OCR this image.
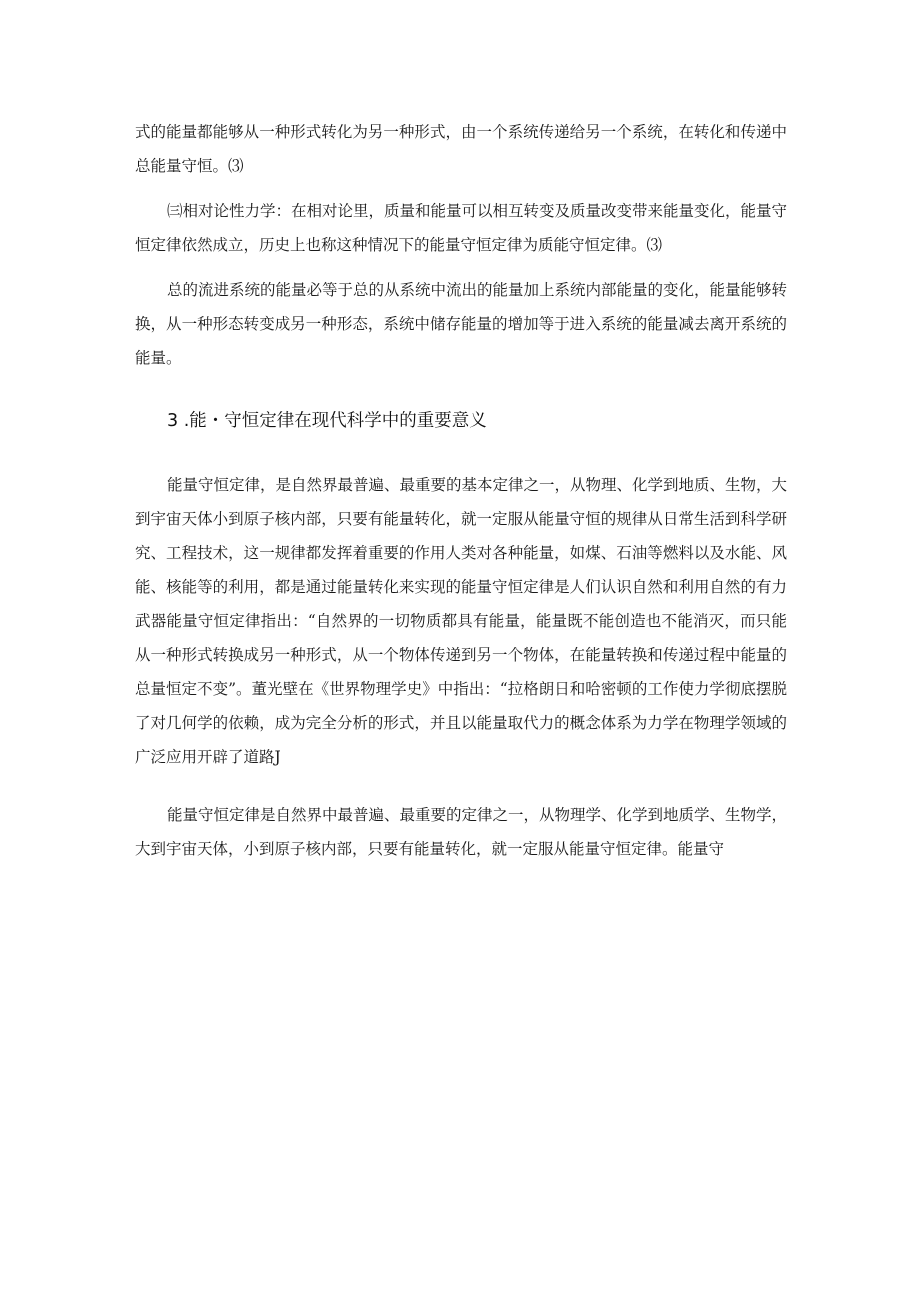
式的能量都能够从一种形式转化为另一种形式，由一个系统传递给另一个系统，在转化和传递中总能量守恒。⑶

㈢相对论性力学：在相对论里，质量和能量可以相互转变及质量改变带来能量变化，能量守恒定律依然成立，历史上也称这种情况下的能量守恒定律为质能守恒定律。⑶

总的流进系统的能量必等于总的从系统中流出的能量加上系统内部能量的变化，能量能够转换，从一种形态转变成另一种形态，系统中储存能量的增加等于进入系统的能量减去离开系统的能量。

3 .能・守恒定律在现代科学中的重要意义

能量守恒定律，是自然界最普遍、最重要的基本定律之一，从物理、化学到地质、生物，大到宇宙天体小到原子核内部，只要有能量转化，就一定服从能量守恒的规律从日常生活到科学研究、工程技术，这一规律都发挥着重要的作用人类对各种能量，如煤、石油等燃料以及水能、风能、核能等的利用，都是通过能量转化来实现的能量守恒定律是人们认识自然和利用自然的有力武器能量守恒定律指出：“自然界的一切物质都具有能量，能量既不能创造也不能消灭，而只能从一种形式转换成另一种形式，从一个物体传递到另一个物体，在能量转换和传递过程中能量的总量恒定不变”。董光壁在《世界物理学史》中指出：“拉格朗日和哈密顿的工作使力学彻底摆脱了对几何学的依赖，成为完全分析的形式，并且以能量取代力的概念体系为力学在物理学领域的广泛应用开辟了道路J

能量守恒定律是自然界中最普遍、最重要的定律之一，从物理学、化学到地质学、生物学，大到宇宙天体，小到原子核内部，只要有能量转化，就一定服从能量守恒定律。能量守
